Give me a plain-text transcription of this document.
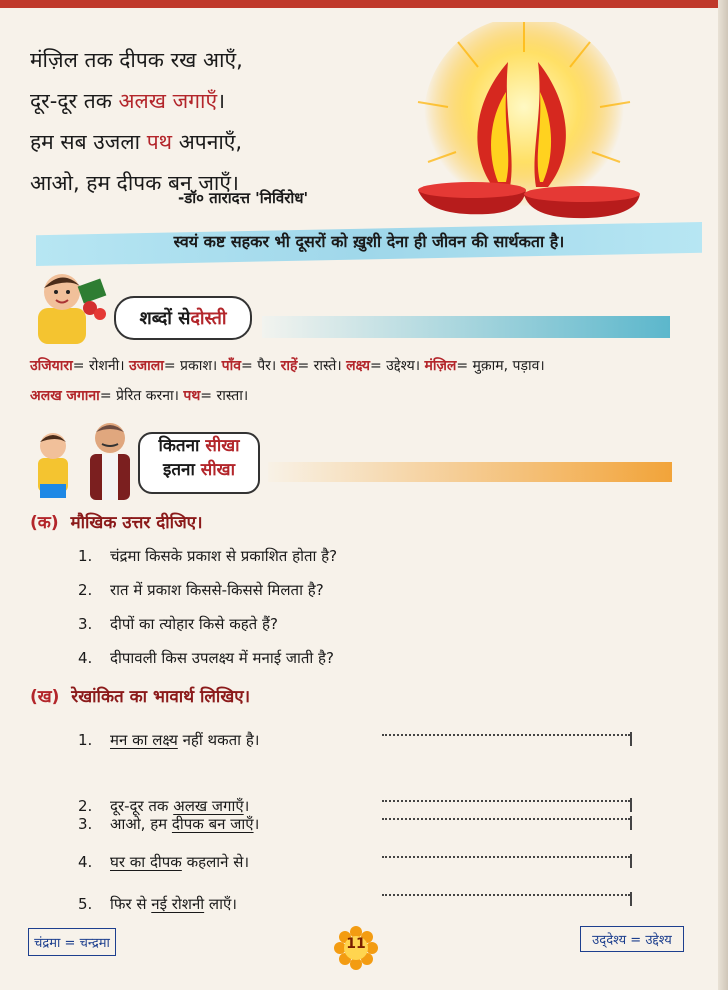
मंज़िल तक दीपक रख आएँ,
दूर-दूर तक अलख जगाएँ।
हम सब उजला पथ अपनाएँ,
आओ, हम दीपक बन जाएँ।
-डॉ० तारादत्त 'निर्विरोध'
स्वयं कष्ट सहकर भी दूसरों को ख़ुशी देना ही जीवन की सार्थकता है।
शब्दों से दोस्ती
उजियारा= रोशनी। उजाला= प्रकाश। पाँव= पैर। राहें= रास्ते। लक्ष्य= उद्देश्य। मंज़िल= मुक़ाम, पड़ाव।
अलख जगाना= प्रेरित करना। पथ= रास्ता।
कितना सीखा
इतना सीखा
(क) मौखिक उत्तर दीजिए।
1. चंद्रमा किसके प्रकाश से प्रकाशित होता है?
2. रात में प्रकाश किससे-किससे मिलता है?
3. दीपों का त्योहार किसे कहते हैं?
4. दीपावली किस उपलक्ष्य में मनाई जाती है?
(ख) रेखांकित का भावार्थ लिखिए।
1. मन का लक्ष्य नहीं थकता है।
2. दूर-दूर तक अलख जगाएँ।
3. आओ, हम दीपक बन जाएँ।
4. घर का दीपक कहलाने से।
5. फिर से नई रोशनी लाएँ।
चंद्रमा = चन्द्रमा	11	उद्‌देश्य = उद्देश्य
